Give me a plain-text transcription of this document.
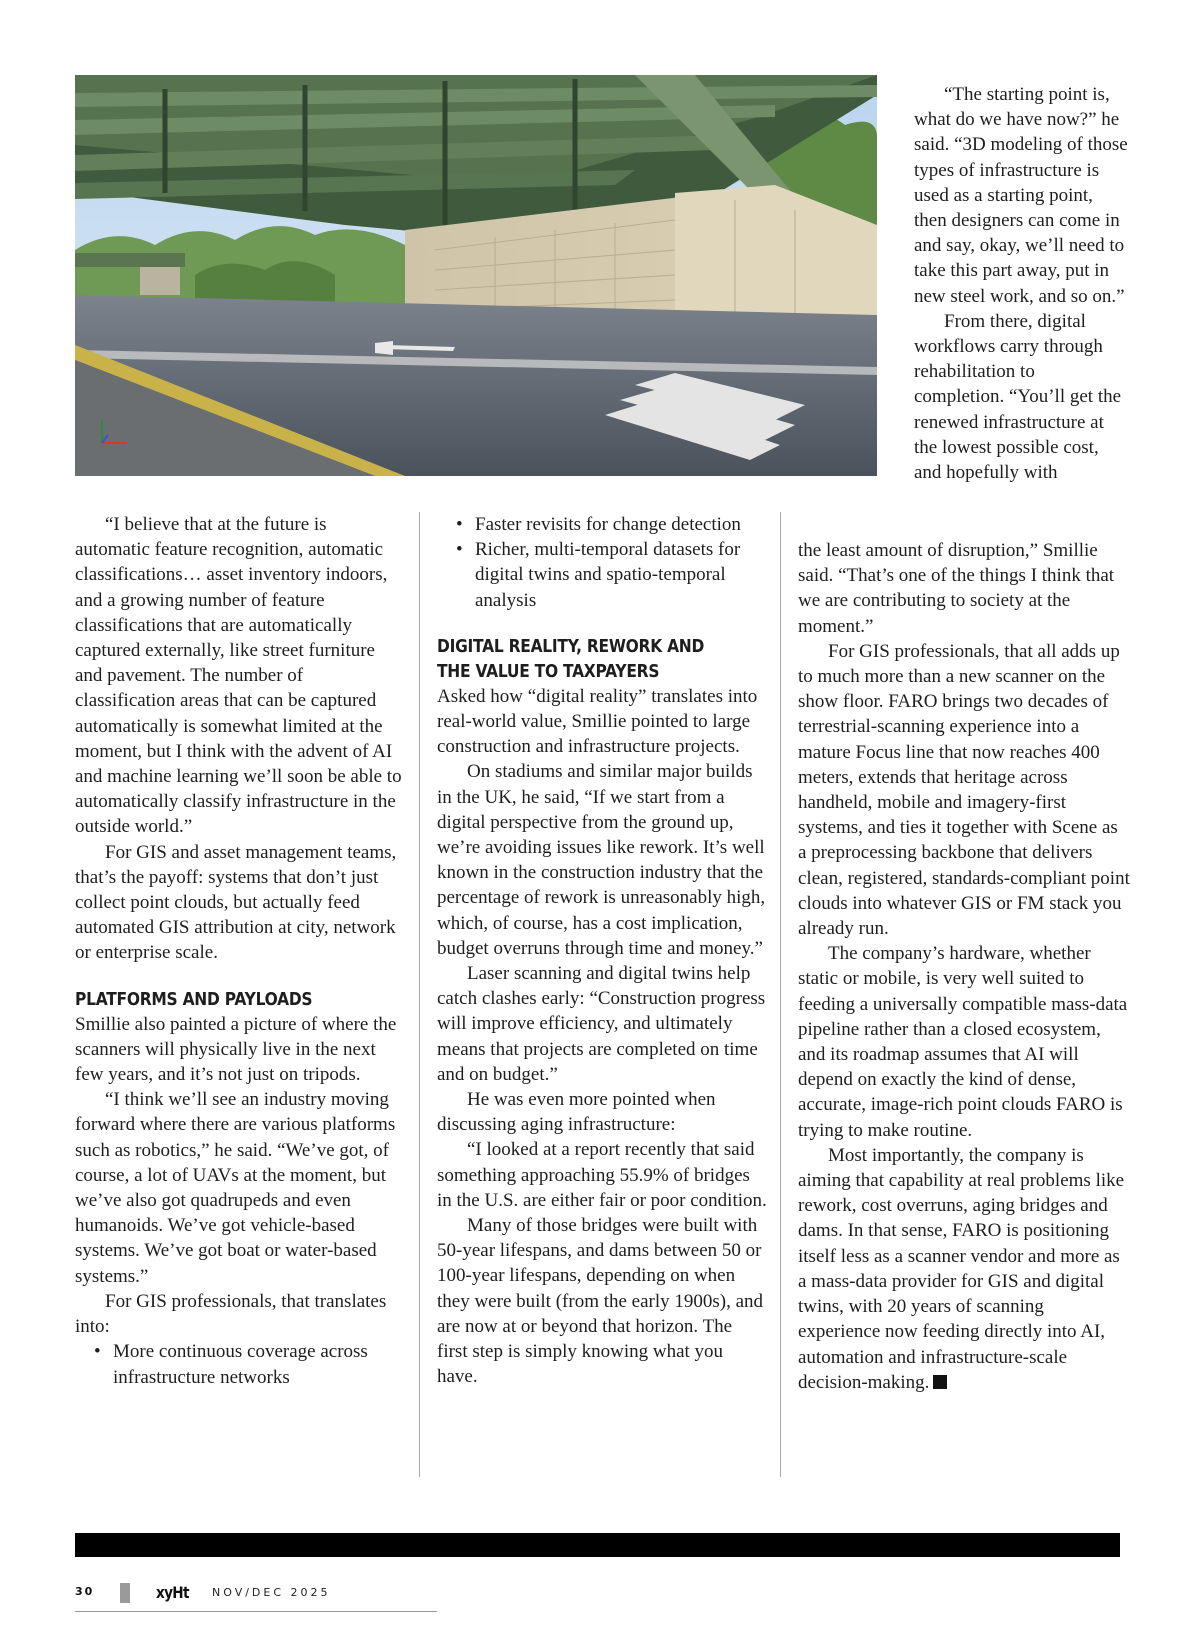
“The starting point is, what do we have now?” he said. “3D modeling of those types of infrastructure is used as a starting point, then designers can come in and say, okay, we’ll need to take this part away, put in new steel work, and so on.”

From there, digital workflows carry through rehabilitation to completion. “You’ll get the renewed infrastructure at the lowest possible cost, and hopefully with

“I believe that at the future is automatic feature recognition, automatic classifications… asset inventory indoors, and a growing number of feature classifications that are automatically captured externally, like street furniture and pavement. The number of classification areas that can be captured automatically is somewhat limited at the moment, but I think with the advent of AI and machine learning we’ll soon be able to automatically classify infrastructure in the outside world.”

For GIS and asset management teams, that’s the payoff: systems that don’t just collect point clouds, but actually feed automated GIS attribution at city, network or enterprise scale.

PLATFORMS AND PAYLOADS

Smillie also painted a picture of where the scanners will physically live in the next few years, and it’s not just on tripods.

“I think we’ll see an industry moving forward where there are various platforms such as robotics,” he said. “We’ve got, of course, a lot of UAVs at the moment, but we’ve also got quadrupeds and even humanoids. We’ve got vehicle-based systems. We’ve got boat or water-based systems.”

For GIS professionals, that translates into:

• More continuous coverage across infrastructure networks
• Faster revisits for change detection
• Richer, multi-temporal datasets for digital twins and spatio-temporal analysis

DIGITAL REALITY, REWORK AND THE VALUE TO TAXPAYERS

Asked how “digital reality” translates into real-world value, Smillie pointed to large construction and infrastructure projects.

On stadiums and similar major builds in the UK, he said, “If we start from a digital perspective from the ground up, we’re avoiding issues like rework. It’s well known in the construction industry that the percentage of rework is unreasonably high, which, of course, has a cost implication, budget overruns through time and money.”

Laser scanning and digital twins help catch clashes early: “Construction progress will improve efficiency, and ultimately means that projects are completed on time and on budget.”

He was even more pointed when discussing aging infrastructure:

“I looked at a report recently that said something approaching 55.9% of bridges in the U.S. are either fair or poor condition.

Many of those bridges were built with 50-year lifespans, and dams between 50 or 100-year lifespans, depending on when they were built (from the early 1900s), and are now at or beyond that horizon. The first step is simply knowing what you have.

the least amount of disruption,” Smillie said. “That’s one of the things I think that we are contributing to society at the moment.”

For GIS professionals, that all adds up to much more than a new scanner on the show floor. FARO brings two decades of terrestrial-scanning experience into a mature Focus line that now reaches 400 meters, extends that heritage across handheld, mobile and imagery-first systems, and ties it together with Scene as a preprocessing backbone that delivers clean, registered, standards-compliant point clouds into whatever GIS or FM stack you already run.

The company’s hardware, whether static or mobile, is very well suited to feeding a universally compatible mass-data pipeline rather than a closed ecosystem, and its roadmap assumes that AI will depend on exactly the kind of dense, accurate, image-rich point clouds FARO is trying to make routine.

Most importantly, the company is aiming that capability at real problems like rework, cost overruns, aging bridges and dams. In that sense, FARO is positioning itself less as a scanner vendor and more as a mass-data provider for GIS and digital twins, with 20 years of scanning experience now feeding directly into AI, automation and infrastructure-scale decision-making.

30	xyHt NOV/DEC 2025
